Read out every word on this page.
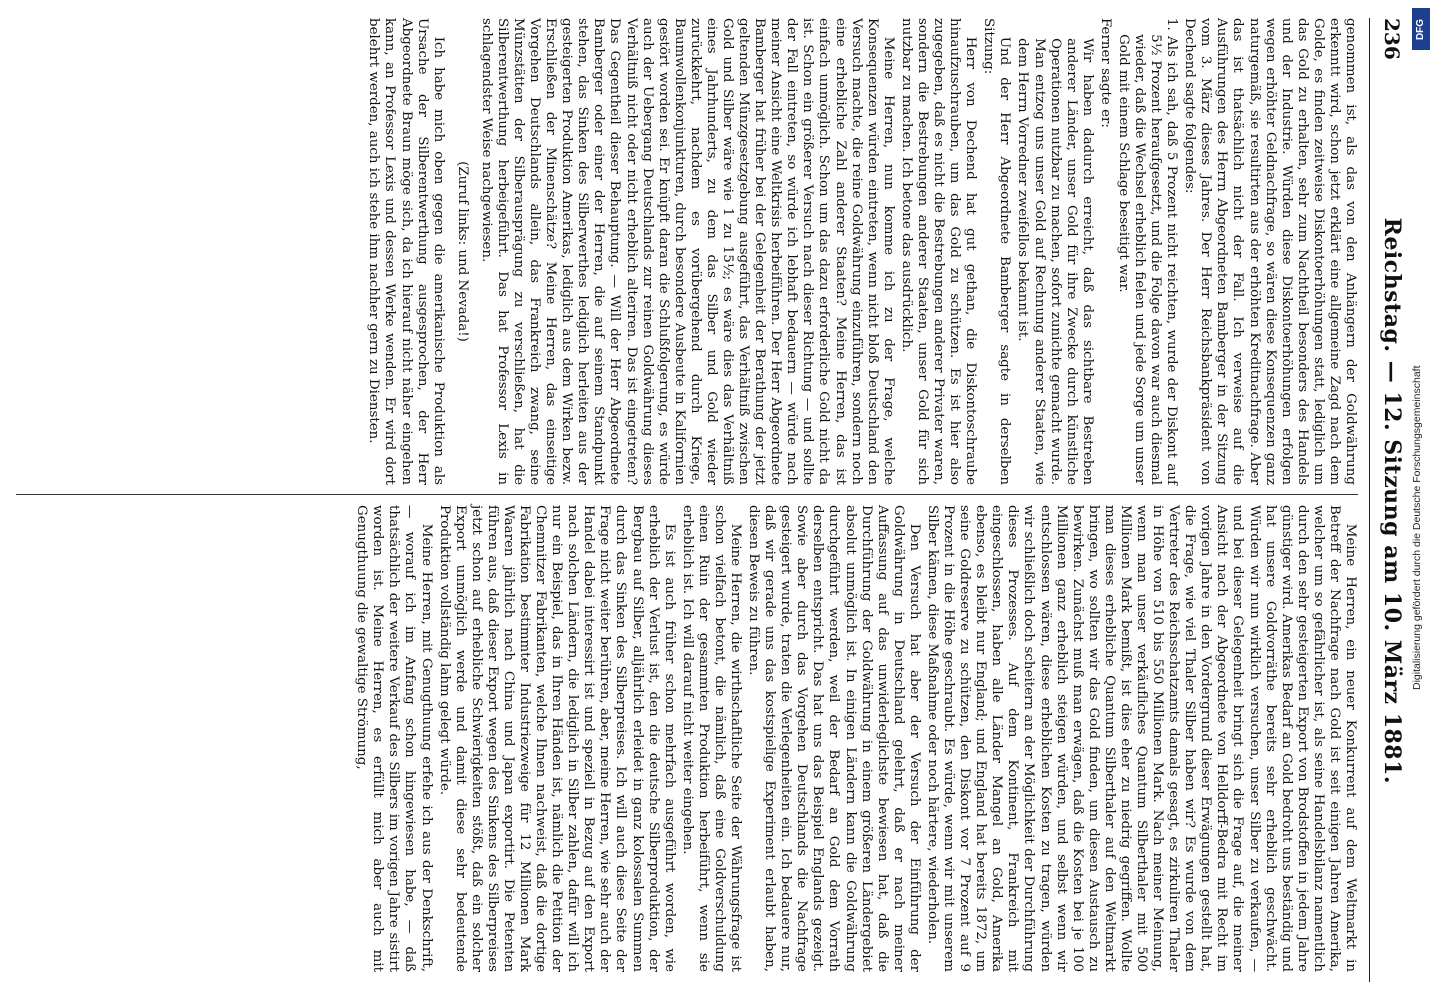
236
Reichstag. — 12. Sitzung am 10. März 1881.

genommen ist, als das von den Anhängern der Goldwährung erkenntt wird, schon jetzt erklärt eine allgemeine Zagd nach dem Golde, es finden zeitweise Diskontoerhöhungen statt, lediglich um das Gold zu erhalten, sehr zum Nachtheil besonders des Handels und der Industrie. Würden diese Diskontoerhöhungen erfolgen wegen erhöhter Geldnachfrage, so wären diese Konsequenzen ganz naturgemäß, sie resultirten aus der erhöhten Kreditnachfrage. Aber das ist thatsächlich nicht der Fall. Ich verweise auf die Ausführungen des Herrn Abgeordneten Bamberger in der Sitzung vom 3. März dieses Jahres. Der Herr Reichsbankpräsident von Dechend sagte folgendes:

1. Als ich sah, daß 5 Prozent nicht reichten, wurde der Diskont auf 5½ Prozent heraufgesetzt, und die Folge davon war auch diesmal wieder, daß die Wechsel erheblich fielen und jede Sorge um unser Gold mit einem Schlage beseitigt war.

Ferner sagte er:

Wir haben dadurch erreicht, daß das sichtbare Bestreben anderer Länder, unser Gold für ihre Zwecke durch künstliche Operationen nutzbar zu machen, sofort zunichte gemacht wurde. Man entzog uns unser Gold auf Rechnung anderer Staaten, wie dem Herrn Vorredner zweifellos bekannt ist.

Und der Herr Abgeordnete Bamberger sagte in derselben Sitzung:

Herr von Dechend hat gut gethan, die Diskontoschraube hinaufzuschrauben, um das Gold zu schützen. Es ist hier also zugegeben, daß es nicht die Bestrebungen anderer Privater waren, sondern die Bestrebungen anderer Staaten, unser Gold für sich nutzbar zu machen. Ich betone das ausdrücklich.

Meine Herren, nun komme ich zu der Frage, welche Konsequenzen würden eintreten, wenn nicht bloß Deutschland den Versuch machte, die reine Goldwährung einzuführen, sondern noch eine erhebliche Zahl anderer Staaten? Meine Herren, das ist einfach unmöglich. Schon um das dazu erforderliche Gold nicht da ist. Schon ein größerer Versuch nach dieser Richtung — und sollte der Fall eintreten, so würde ich lebhaft bedauern — würde nach meiner Ansicht eine Weltkrisis herbeiführen. Der Herr Abgeordnete Bamberger hat früher bei der Gelegenheit der Berathung der jetzt geltenden Münzgesetzgebung ausgeführt, das Verhältniß zwischen Gold und Silber wäre wie 1 zu 15½; es wäre dies das Verhältniß eines Jahrhunderts, zu dem das Silber und Gold wieder zurückkehrt, nachdem es vorübergehend durch Kriege, Baumwollenkonjunkturen, durch besondere Ausbeute in Kalifornien gestört worden sei. Er knüpft daran die Schlußfolgerung, es würde auch der Uebergang Deutschlands zur reinen Goldwährung dieses Verhältniß nicht oder nicht erheblich alteriren. Das ist eingetreten? Das Gegentheil dieser Behauptung. — Will der Herr Abgeordnete Bamberger oder einer der Herren, die auf seinem Standpunkt stehen, das Sinken des Silberwerthes lediglich herleiten aus der gesteigerten Produktion Amerikas, lediglich aus dem Wirken bezw. Erschließen der Minenschätze? Meine Herren, das einseitige Vorgehen Deutschlands allein, das Frankreich zwang, seine Münzstätten der Silberausprägung zu verschließen, hat die Silberentwerthung herbeigeführt. Das hat Professor Lexis in schlagendster Weise nachgewiesen.

(Zuruf links: und Nevada!)

Ich habe mich oben gegen die amerikanische Produktion als Ursache der Silberentwerthung ausgesprochen, der Herr Abgeordnete Braun möge sich, da ich hierauf nicht näher eingehen kann, an Professor Lexis und dessen Werke wenden. Er wird dort belehrt werden, auch ich stehe ihm nachher gern zu Diensten.

Meine Herren, ein neuer Konkurrent auf dem Weltmarkt in Betreff der Nachfrage nach Gold ist seit einigen Jahren Amerika, welcher um so gefährlicher ist, als seine Handelsbilanz namentlich durch den sehr gesteigerten Export von Brodstoffen in jedem Jahre günstiger wird. Amerikas Bedarf an Gold bedroht uns beständig und hat unsere Goldvorräthe bereits sehr erheblich geschwächt. Würden wir nun wirklich versuchen, unser Silber zu verkaufen, — und bei dieser Gelegenheit bringt sich die Frage auf, die meiner Ansicht nach der Abgeordnete von Helldorff-Bedra mit Recht im vorigen Jahre in den Vordergrund dieser Erwägungen gestellt hat, die Frage, wie viel Thaler Silber haben wir? Es wurde von dem Vertreter des Reichsschatzamts damals gesagt, es zirkuliren Thaler in Höhe von 510 bis 550 Millionen Mark. Nach meiner Meinung, wenn man unser verkäufliches Quantum Silberthaler mit 500 Millionen Mark bemißt, ist dies eher zu niedrig gegriffen. Wollte man dieses erhebliche Quantum Silberthaler auf den Weltmarkt bringen, wo sollten wir das Gold finden, um diesen Austausch zu bewirken. Zunächst muß man erwägen, daß die Kosten bei je 100 Millionen ganz erheblich steigen würden, und selbst wenn wir entschlossen wären, diese erheblichen Kosten zu tragen, würden wir schließlich doch scheitern an der Möglichkeit der Durchführung dieses Prozesses. Auf dem Kontinent, Frankreich mit eingeschlossen, haben alle Länder Mangel an Gold, Amerika ebenso, es bleibt nur England; und England hat bereits 1872, um seine Goldreserve zu schützen, den Diskont vor 7 Prozent auf 9 Prozent in die Höhe geschraubt. Es würde, wenn wir mit unserem Silber kämen, diese Maßnahme oder noch härtere, wiederholen.

Den Versuch hat aber der Versuch der Einführung der Goldwährung in Deutschland gelehrt, daß er nach meiner Auffassung auf das unwiderleglichste bewiesen hat, daß die Durchführung der Goldwährung in einem größeren Ländergebiet absolut unmöglich ist. In einigen Ländern kann die Goldwährung durchgeführt werden, weil der Bedarf an Gold dem Vorrath derselben entspricht. Das hat uns das Beispiel Englands gezeigt. Sowie aber durch das Vorgehen Deutschlands die Nachfrage gesteigert wurde, traten die Verlegenheiten ein. Ich bedauere nur, daß wir gerade uns das kostspielige Experiment erlaubt haben, diesen Beweis zu führen.

Meine Herren, die wirthschaftliche Seite der Währungsfrage ist schon vielfach betont, die nämlich, daß eine Goldverschuldung einen Ruin der gesammten Produktion herbeiführt, wenn sie erheblich ist. Ich will darauf nicht weiter eingehen.

Es ist auch früher schon mehrfach ausgeführt worden, wie erheblich der Verlust ist, den die deutsche Silberproduktion, der Bergbau auf Silber, alljährlich erleidet in ganz kolossalen Summen durch das Sinken des Silberpreises. Ich will auch diese Seite der Frage nicht weiter berühren, aber, meine Herren, wie sehr auch der Handel dabei interessirt ist und speziell in Bezug auf den Export nach solchen Ländern, die lediglich in Silber zahlen, dafür will ich nur ein Beispiel, das in Ihren Händen ist, nämlich die Petition der Chemnitzer Fabrikanten, welche Ihnen nachweist, daß die dortige Fabrikation bestimmter Industriezweige für 12 Millionen Mark Waaren jährlich nach China und Japan exportirt. Die Petenten führen aus, daß dieser Export wegen des Sinkens des Silberpreises jetzt schon auf erhebliche Schwierigkeiten stößt, daß ein solcher Export unmöglich werde und damit diese sehr bedeutende Produktion vollständig lahm gelegt würde.

Meine Herren, mit Genugthuung erfehe ich aus der Denkschrift, — worauf ich im Anfang schon hingewiesen habe, — daß thatsächlich der weitere Verkauf des Silbers im vorigen Jahre sistirt worden ist. Meine Herren, es erfüllt mich aber auch mit Genugthuung die gewaltige Strömung,

DFG
Digitalisierung gefördert durch die Deutsche Forschungsgemeinschaft
